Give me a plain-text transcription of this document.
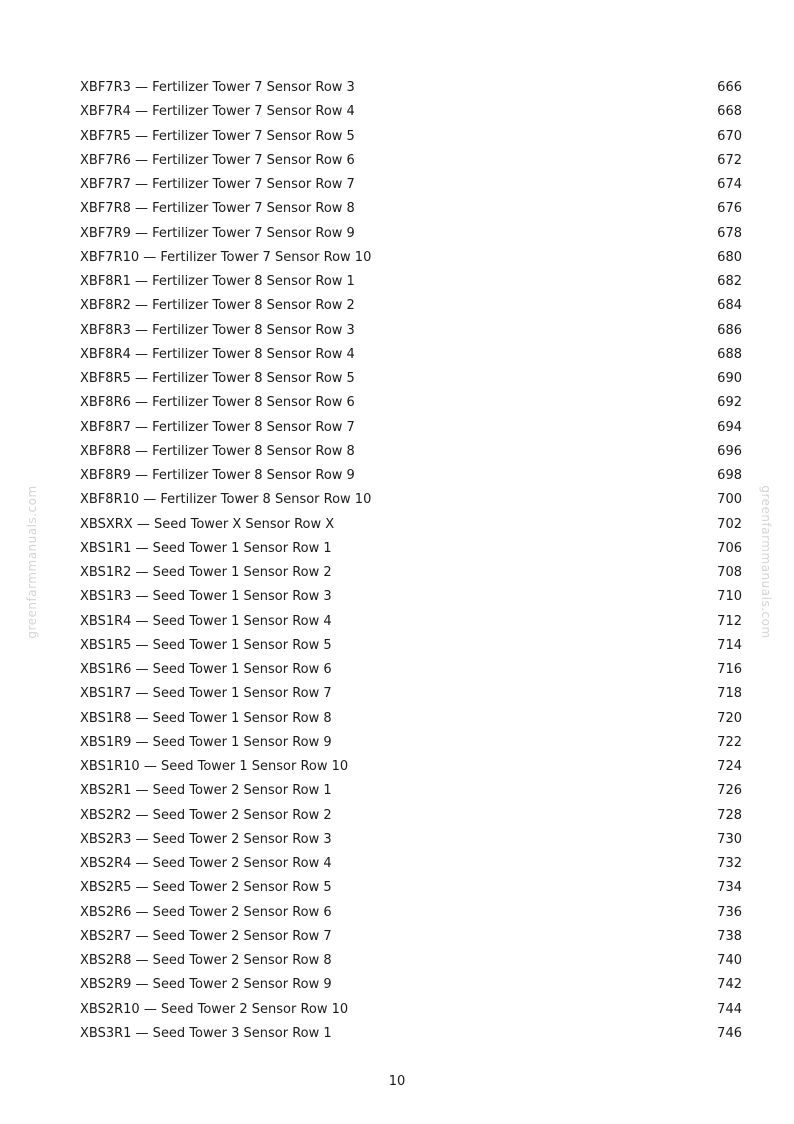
greenfarmmanuals.com	greenfarmmanuals.com
XBF7R3 — Fertilizer Tower 7 Sensor Row 3	666
XBF7R4 — Fertilizer Tower 7 Sensor Row 4	668
XBF7R5 — Fertilizer Tower 7 Sensor Row 5	670
XBF7R6 — Fertilizer Tower 7 Sensor Row 6	672
XBF7R7 — Fertilizer Tower 7 Sensor Row 7	674
XBF7R8 — Fertilizer Tower 7 Sensor Row 8	676
XBF7R9 — Fertilizer Tower 7 Sensor Row 9	678
XBF7R10 — Fertilizer Tower 7 Sensor Row 10	680
XBF8R1 — Fertilizer Tower 8 Sensor Row 1	682
XBF8R2 — Fertilizer Tower 8 Sensor Row 2	684
XBF8R3 — Fertilizer Tower 8 Sensor Row 3	686
XBF8R4 — Fertilizer Tower 8 Sensor Row 4	688
XBF8R5 — Fertilizer Tower 8 Sensor Row 5	690
XBF8R6 — Fertilizer Tower 8 Sensor Row 6	692
XBF8R7 — Fertilizer Tower 8 Sensor Row 7	694
XBF8R8 — Fertilizer Tower 8 Sensor Row 8	696
XBF8R9 — Fertilizer Tower 8 Sensor Row 9	698
XBF8R10 — Fertilizer Tower 8 Sensor Row 10	700
XBSXRX — Seed Tower X Sensor Row X	702
XBS1R1 — Seed Tower 1 Sensor Row 1	706
XBS1R2 — Seed Tower 1 Sensor Row 2	708
XBS1R3 — Seed Tower 1 Sensor Row 3	710
XBS1R4 — Seed Tower 1 Sensor Row 4	712
XBS1R5 — Seed Tower 1 Sensor Row 5	714
XBS1R6 — Seed Tower 1 Sensor Row 6	716
XBS1R7 — Seed Tower 1 Sensor Row 7	718
XBS1R8 — Seed Tower 1 Sensor Row 8	720
XBS1R9 — Seed Tower 1 Sensor Row 9	722
XBS1R10 — Seed Tower 1 Sensor Row 10	724
XBS2R1 — Seed Tower 2 Sensor Row 1	726
XBS2R2 — Seed Tower 2 Sensor Row 2	728
XBS2R3 — Seed Tower 2 Sensor Row 3	730
XBS2R4 — Seed Tower 2 Sensor Row 4	732
XBS2R5 — Seed Tower 2 Sensor Row 5	734
XBS2R6 — Seed Tower 2 Sensor Row 6	736
XBS2R7 — Seed Tower 2 Sensor Row 7	738
XBS2R8 — Seed Tower 2 Sensor Row 8	740
XBS2R9 — Seed Tower 2 Sensor Row 9	742
XBS2R10 — Seed Tower 2 Sensor Row 10	744
XBS3R1 — Seed Tower 3 Sensor Row 1	746
10
